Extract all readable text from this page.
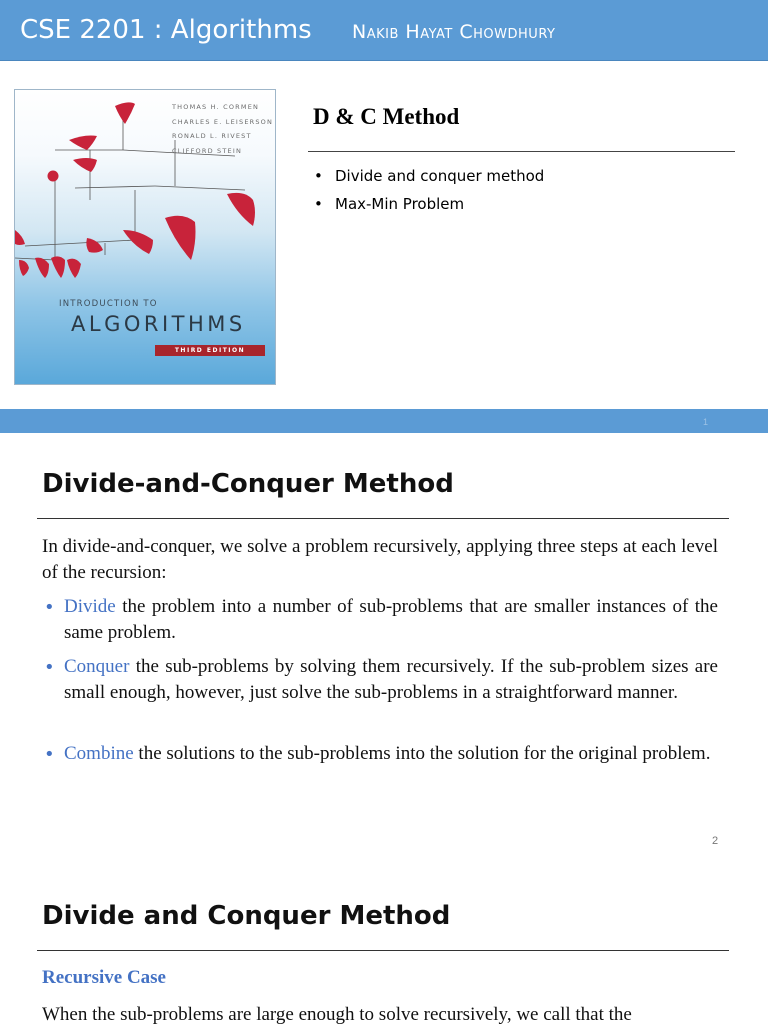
CSE 2201 : Algorithms Nakib Hayat Chowdhury
THOMAS H. CORMEN
CHARLES E. LEISERSON
RONALD L. RIVEST
CLIFFORD STEIN
INTRODUCTION TO
ALGORITHMS
THIRD EDITION
D & C Method
• Divide and conquer method
• Max-Min Problem
1
Divide-and-Conquer Method
In divide-and-conquer, we solve a problem recursively, applying three steps at each level of the recursion:
• Divide the problem into a number of sub-problems that are smaller instances of the same problem.
• Conquer the sub-problems by solving them recursively. If the sub-problem sizes are small enough, however, just solve the sub-problems in a straightforward manner.
• Combine the solutions to the sub-problems into the solution for the original problem.
2
Divide and Conquer Method
Recursive Case
When the sub-problems are large enough to solve recursively, we call that the
